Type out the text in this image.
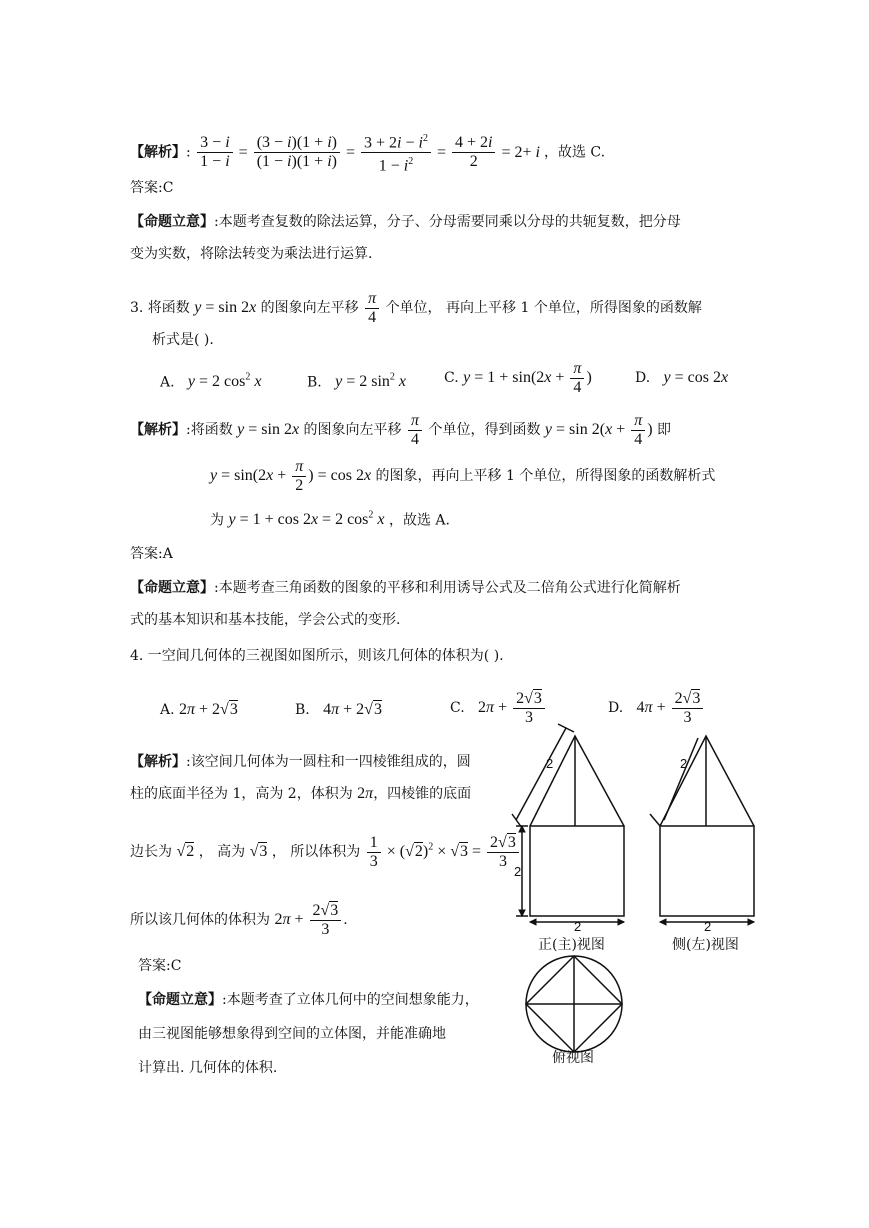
【解析】: $\frac{3 - i}{1 - i} = \frac{(3 - i)(1 + i)}{(1 - i)(1 + i)} = \frac{3 + 2i - i^2}{1 - i^2} = \frac{4 + 2i}{2} = 2+ i$ ，故选 C.
答案:C
【命题立意】:本题考查复数的除法运算，分子、分母需要同乘以分母的共轭复数，把分母
变为实数，将除法转变为乘法进行运算.
3. 将函数 y = sin 2x 的图象向左平移 $\frac{\pi}{4}$ 个单位， 再向上平移 1 个单位，所得图象的函数解
析式是( ).
A. y = 2 $\cos^2 x$	B. y = 2 $\sin^2 x$	C. $y = 1 + \sin(2x + \frac{\pi}{4}$ )	D. y = cos 2x
【解析】:将函数 y = sin 2x 的图象向左平移 $\frac{\pi}{4}$ 个单位，得到函数 $y = \sin 2(x + \frac{\pi}{4}$ ) 即
$y = \sin(2x + \frac{\pi}{2}$ ) = cos 2x 的图象，再向上平移 1 个单位，所得图象的函数解析式
为 y = 1 + cos 2x = 2 $\cos^2 x$ ，故选 A.
答案:A
【命题立意】:本题考查三角函数的图象的平移和利用诱导公式及二倍角公式进行化简解析
式的基本知识和基本技能，学会公式的变形.
4. 一空间几何体的三视图如图所示，则该几何体的体积为( ).
A. 2π + 2√3	B. 4π + 2√3	C. $2\pi + \frac{2√3}{3}$	D. $4\pi + \frac{2√3}{3}$
【解析】:该空间几何体为一圆柱和一四棱锥组成的，圆
柱的底面半径为 1，高为 2，体积为 2π，四棱锥的底面
边长为 √2 ， 高为 √3 ， 所以体积为 $\frac{1}{3} \times (√2)^2 \times √3 = \frac{2√3}{3}$
所以该几何体的体积为 $2\pi + \frac{2√3}{3}$ .
答案:C
【命题立意】:本题考查了立体几何中的空间想象能力，
由三视图能够想象得到空间的立体图，并能准确地
计算出. 几何体的体积.
2
2
2
2
2
正(主)视图	侧(左)视图
俯视图
